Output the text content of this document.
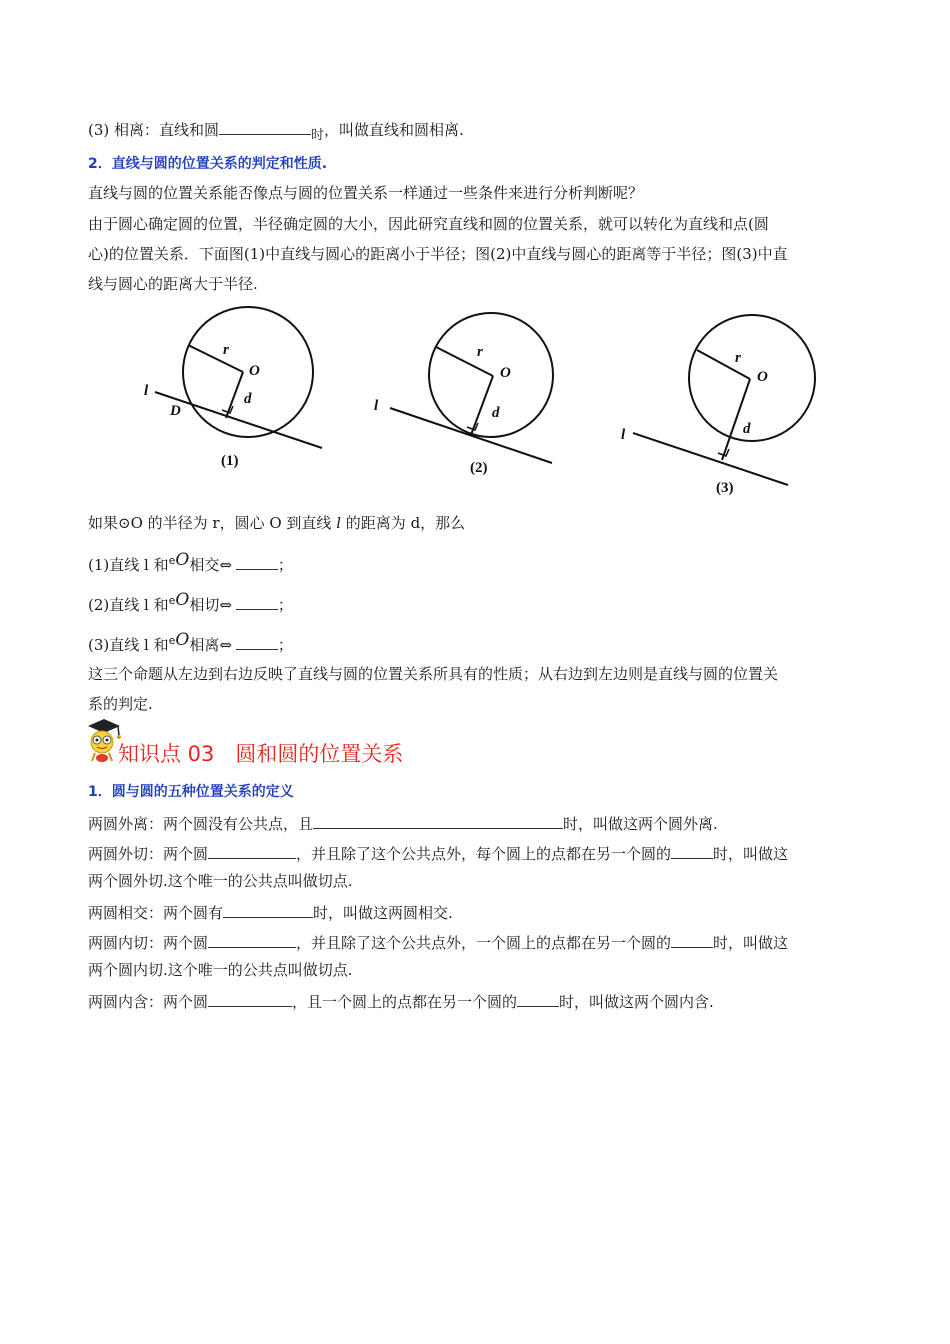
(3) 相离：直线和圆	时，叫做直线和圆相离.
2．直线与圆的位置关系的判定和性质.
直线与圆的位置关系能否像点与圆的位置关系一样通过一些条件来进行分析判断呢？
由于圆心确定圆的位置，半径确定圆的大小，因此研究直线和圆的位置关系，就可以转化为直线和点(圆
心)的位置关系．下面图(1)中直线与圆心的距离小于半径；图(2)中直线与圆心的距离等于半径；图(3)中直
线与圆心的距离大于半径.
r
O
d
l
D
(1)
r
O
d
l
(2)
r
O
d
l
(3)
如果⊙O 的半径为 r，圆心 O 到直线 l 的距离为 d，那么
(1)直线 l 和$^e$O相交⇔	；
(2)直线 l 和$^e$O相切⇔	；
(3)直线 l 和$^e$O相离⇔	；
这三个命题从左边到右边反映了直线与圆的位置关系所具有的性质；从右边到左边则是直线与圆的位置关
系的判定.
知识点 03　圆和圆的位置关系
1．圆与圆的五种位置关系的定义
两圆外离：两个圆没有公共点，且	时，叫做这两个圆外离.
两圆外切：两个圆	，并且除了这个公共点外，每个圆上的点都在另一个圆的	时，叫做这
两个圆外切.这个唯一的公共点叫做切点.
两圆相交：两个圆有	时，叫做这两圆相交.
两圆内切：两个圆	，并且除了这个公共点外，一个圆上的点都在另一个圆的	时，叫做这
两个圆内切.这个唯一的公共点叫做切点.
两圆内含：两个圆	，且一个圆上的点都在另一个圆的	时，叫做这两个圆内含.
